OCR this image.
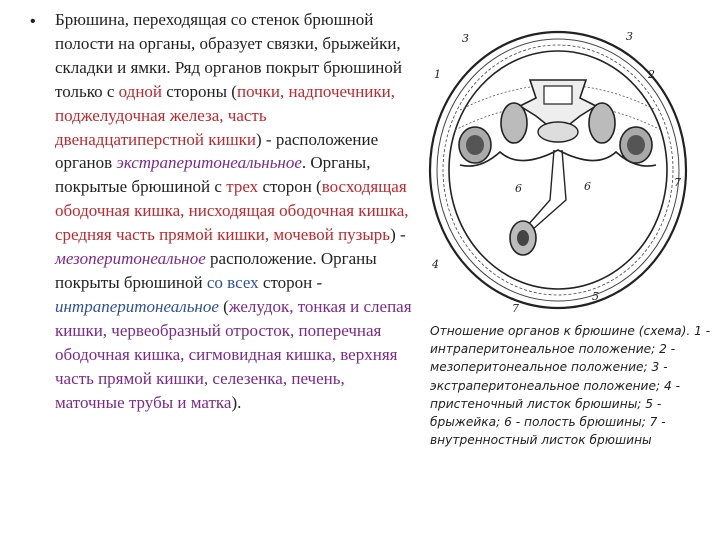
• Брюшина, переходящая со стенок брюшной полости на органы, образует связки, брыжейки, складки и ямки. Ряд органов покрыт брюшиной только с одной стороны (почки, надпочечники, поджелудочная железа, часть двенадцатиперстной кишки) - расположение органов экстраперитонеальньное. Органы, покрытые брюшиной с трех сторон (восходящая ободочная кишка, нисходящая ободочная кишка, средняя часть прямой кишки, мочевой пузырь) - мезоперитонеальное расположение. Органы покрыты брюшиной со всех сторон - интраперитонеальное (желудок, тонкая и слепая кишки, червеобразный отросток, поперечная ободочная кишка, сигмовидная кишка, верхняя часть прямой кишки, селезенка, печень, маточные трубы и матка).
3	3
1	2
6	6	7
4
7
5
Отношение органов к брюшине (схема). 1 - интраперитонеальное положение; 2 - мезоперитонеальное положение; 3 - экстраперитонеальное положение; 4 - пристеночный листок брюшины; 5 - брыжейка; 6 - полость брюшины; 7 - внутренностный листок брюшины
